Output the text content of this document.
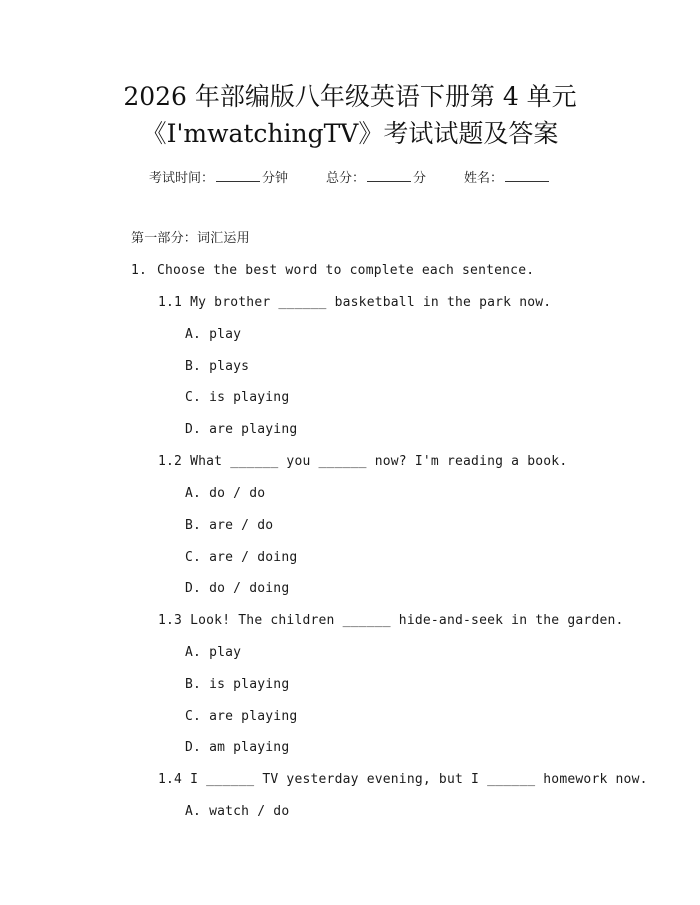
2026 年部编版八年级英语下册第 4 单元
《I'mwatchingTV》考试试题及答案
考试时间：	分钟	总分：	分	姓名：
第一部分：词汇运用
1. Choose the best word to complete each sentence.
1.1 My brother ______ basketball in the park now.
A. play
B. plays
C. is playing
D. are playing
1.2 What ______ you ______ now? I'm reading a book.
A. do / do
B. are / do
C. are / doing
D. do / doing
1.3 Look! The children ______ hide-and-seek in the garden.
A. play
B. is playing
C. are playing
D. am playing
1.4 I ______ TV yesterday evening, but I ______ homework now.
A. watch / do
